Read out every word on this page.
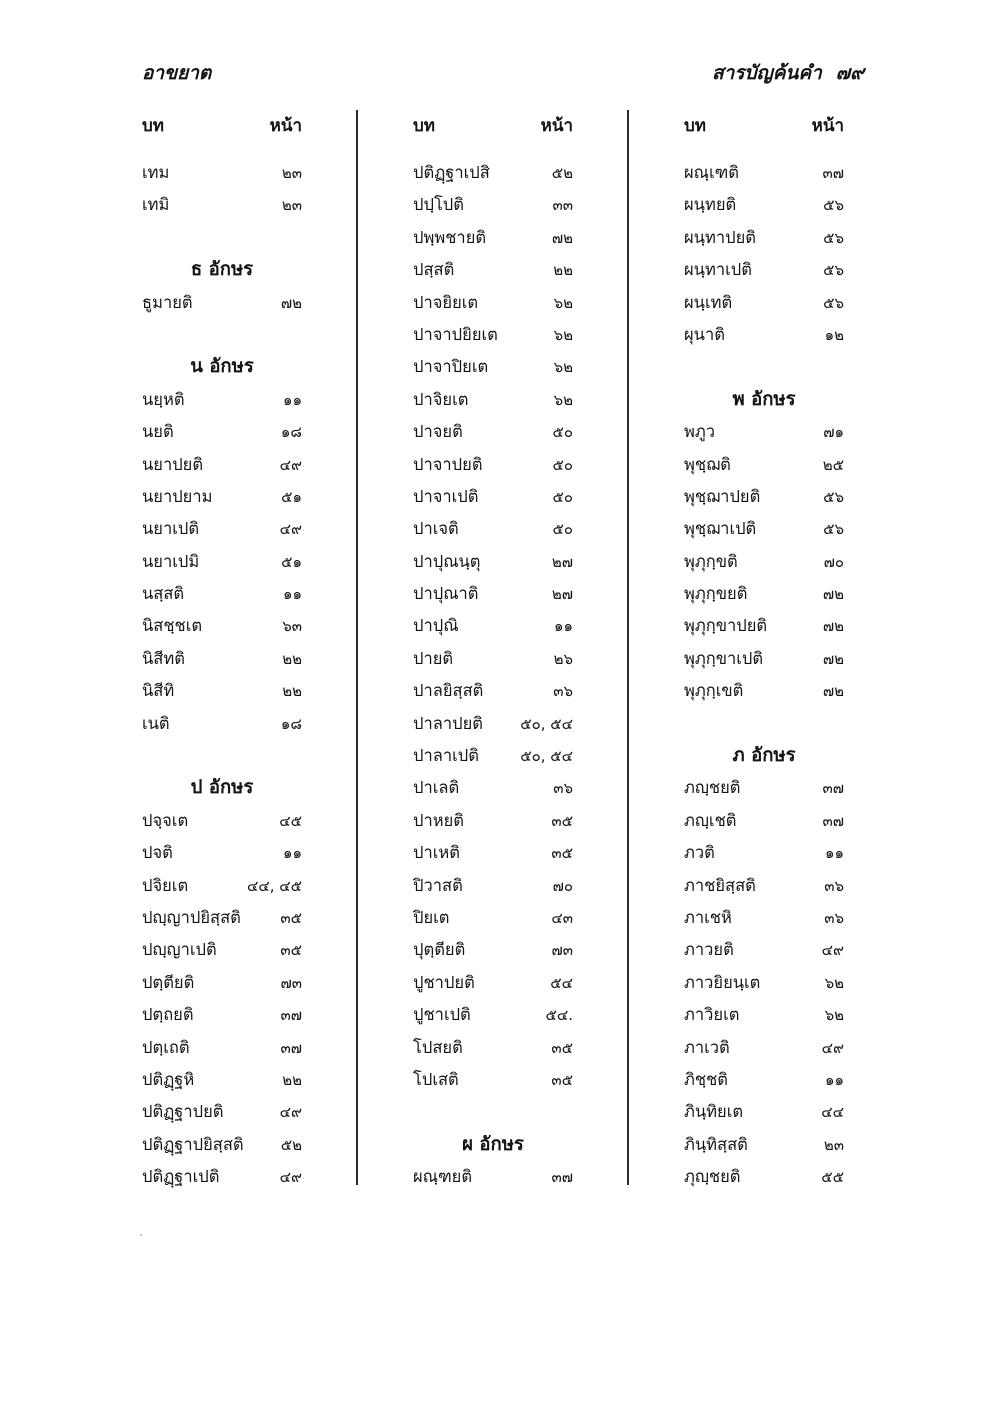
อาขยาต	สารบัญค้นคำ ๗๙
บท	หน้า
เทม	๒๓
เทมิ	๒๓
ธ อักษร
ธูมายติ	๗๒
น อักษร
นยฺหติ	๑๑
นยติ	๑๘
นยาปยติ	๔๙
นยาปยาม	๕๑
นยาเปติ	๔๙
นยาเปมิ	๕๑
นสฺสติ	๑๑
นิสชฺชเต	๖๓
นิสีทติ	๒๒
นิสีทิ	๒๒
เนติ	๑๘
ป อักษร
ปจฺจเต	๔๕
ปจติ	๑๑
ปจิยเต	๔๔, ๔๕
ปญฺญาปยิสฺสติ	๓๕
ปญฺญาเปติ	๓๕
ปตฺตียติ	๗๓
ปตฺถยติ	๓๗
ปตฺเถติ	๓๗
ปติฏฺฐหิ	๒๒
ปติฏฺฐาปยติ	๔๙
ปติฏฺฐาปยิสฺสติ ๕๒
ปติฏฺฐาเปติ	๔๙
บท	หน้า
ปติฏฺฐาเปสิ	๕๒
ปปฺโปติ	๓๓
ปพฺพชายติ	๗๒
ปสฺสติ	๒๒
ปาจยิยเต	๖๒
ปาจาปยิยเต	๖๒
ปาจาปิยเต	๖๒
ปาจิยเต	๖๒
ปาจยติ	๕๐
ปาจาปยติ	๕๐
ปาจาเปติ	๕๐
ปาเจติ	๕๐
ปาปุณนฺตุ	๒๗
ปาปุณาติ	๒๗
ปาปุณิ	๑๑
ปายติ	๒๖
ปาลยิสฺสติ	๓๖
ปาลาปยติ ๕๐, ๕๔
ปาลาเปติ	๕๐, ๕๔
ปาเลติ	๓๖
ปาหยติ	๓๕
ปาเหติ	๓๕
ปิวาสติ	๗๐
ปิยเต	๔๓
ปุตฺตียติ	๗๓
ปูชาปยติ	๕๔
ปูชาเปติ	๕๔.
โปสยติ	๓๕
โปเสติ	๓๕
ผ อักษร
ผณฺฑยติ	๓๗
บท	หน้า
ผณฺเฑติ	๓๗
ผนฺทยติ	๕๖
ผนฺทาปยติ	๕๖
ผนฺทาเปติ	๕๖
ผนฺเทติ	๕๖
ผุนาติ	๑๒
พ อักษร
พภูว	๗๑
พุชฺฌติ	๒๕
พุชฺฌาปยติ	๕๖
พุชฺฌาเปติ	๕๖
พุภุกฺขติ	๗๐
พุภุกฺขยติ	๗๒
พุภุกฺขาปยติ	๗๒
พุภุกฺขาเปติ	๗๒
พุภุกฺเขติ	๗๒
ภ อักษร
ภญฺชยติ	๓๗
ภญฺเชติ	๓๗
ภวติ	๑๑
ภาชยิสฺสติ	๓๖
ภาเชหิ	๓๖
ภาวยติ	๔๙
ภาวยิยนฺเต	๖๒
ภาวิยเต	๖๒
ภาเวติ	๔๙
ภิชฺชติ	๑๑
ภินฺทิยเต	๔๔
ภินฺทิสฺสติ	๒๓
ภุญฺชยติ	๕๕
